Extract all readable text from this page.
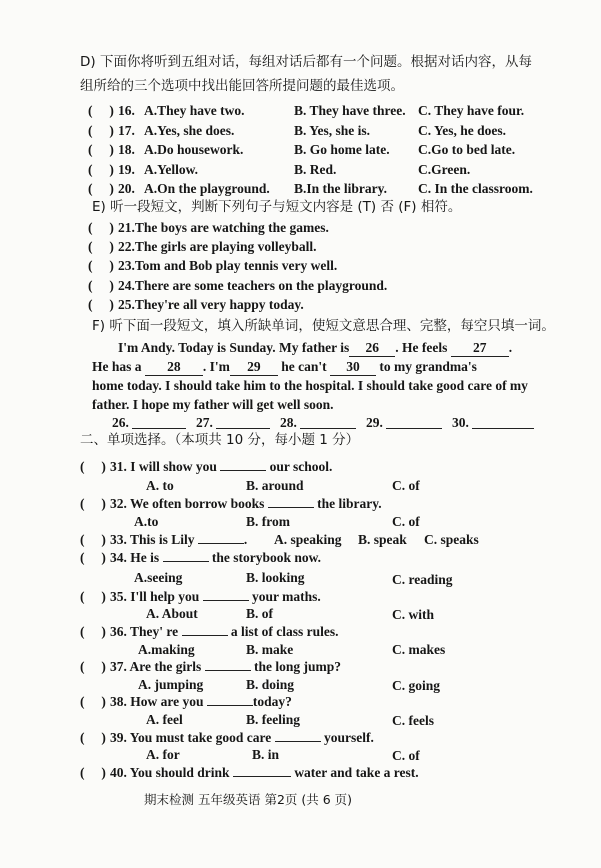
D) 下面你将听到五组对话，每组对话后都有一个问题。根据对话内容，从每
组所给的三个选项中找出能回答所提问题的最佳选项。
(     ) 16. A.They have two.	B. They have three. C. They have four.
(     ) 17. A.Yes, she does.	B. Yes, she is.	C. Yes, he does.
(     ) 18. A.Do housework.	B. Go home late. C.Go to bed late.
(     ) 19. A.Yellow.	B. Red.	C.Green.
(     ) 20. A.On the playground. B.In the library. C. In the classroom.
E) 听一段短文，判断下列句子与短文内容是 (T) 否 (F) 相符。
(     ) 21.The boys are watching the games.
(     ) 22.The girls are playing volleyball.
(     ) 23.Tom and Bob play tennis very well.
(     ) 24.There are some teachers on the playground.
(     ) 25.They're all very happy today.
F) 听下面一段短文，填入所缺单词，使短文意思合理、完整，每空只填一词。
I'm Andy. Today is Sunday. My father is 26 . He feels 27 .
He has a 28 . I'm 29 he can't 30 to my grandma's
home today. I should take him to the hospital. I should take good care of my
father. I hope my father will get well soon.
26.	27.	28.	29.	30.
二、单项选择。（本项共 10 分，每小题 1 分）
(     ) 31. I will show you	our school.
A. to	B. around	C. of
(     ) 32. We often borrow books	the library.
A.to	B. from	C. of
(     ) 33. This is Lily	. A. speaking B. speak C. speaks
(     ) 34. He is	the storybook now.
A.seeing	B. looking	C. reading
(     ) 35. I'll help you	your maths.
A. About	B. of	C. with
(     ) 36. They' re	a list of class rules.
A.making	B. make	C. makes
(     ) 37. Are the girls	the long jump?
A. jumping	B. doing	C. going
(     ) 38. How are you	today?
A. feel	B. feeling	C. feels
(     ) 39. You must take good care	yourself.
A. for	B. in	C. of
(     ) 40. You should drink	water and take a rest.
期末检测 五年级英语 第2页 (共 6 页)
